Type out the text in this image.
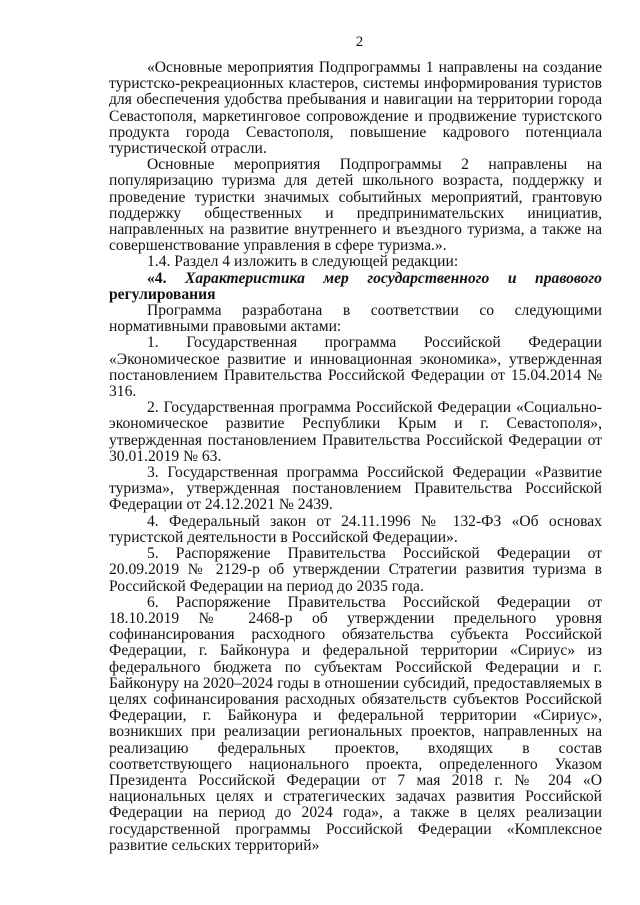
2

«Основные мероприятия Подпрограммы 1 направлены на создание туристско-рекреационных кластеров, системы информирования туристов для обеспечения удобства пребывания и навигации на территории города Севастополя, маркетинговое сопровождение и продвижение туристского продукта города Севастополя, повышение кадрового потенциала туристической отрасли.

Основные мероприятия Подпрограммы 2 направлены на популяризацию туризма для детей школьного возраста, поддержку и проведение туристки значимых событийных мероприятий, грантовую поддержку общественных и предпринимательских инициатив, направленных на развитие внутреннего и въездного туризма, а также на совершенствование управления в сфере туризма.».

1.4. Раздел 4 изложить в следующей редакции:

«4. Характеристика мер государственного и правового регулирования

Программа разработана в соответствии со следующими нормативными правовыми актами:

1. Государственная программа Российской Федерации «Экономическое развитие и инновационная экономика», утвержденная постановлением Правительства Российской Федерации от 15.04.2014 № 316.

2. Государственная программа Российской Федерации «Социально-экономическое развитие Республики Крым и г. Севастополя», утвержденная постановлением Правительства Российской Федерации от 30.01.2019 № 63.

3. Государственная программа Российской Федерации «Развитие туризма», утвержденная постановлением Правительства Российской Федерации от 24.12.2021 № 2439.

4. Федеральный закон от 24.11.1996 № 132-ФЗ «Об основах туристской деятельности в Российской Федерации».

5. Распоряжение Правительства Российской Федерации от 20.09.2019 № 2129-р об утверждении Стратегии развития туризма в Российской Федерации на период до 2035 года.

6. Распоряжение Правительства Российской Федерации от 18.10.2019 № 2468-р об утверждении предельного уровня софинансирования расходного обязательства субъекта Российской Федерации, г. Байконура и федеральной территории «Сириус» из федерального бюджета по субъектам Российской Федерации и г. Байконуру на 2020–2024 годы в отношении субсидий, предоставляемых в целях софинансирования расходных обязательств субъектов Российской Федерации, г. Байконура и федеральной территории «Сириус», возникших при реализации региональных проектов, направленных на реализацию федеральных проектов, входящих в состав соответствующего национального проекта, определенного Указом Президента Российской Федерации от 7 мая 2018 г. № 204 «О национальных целях и стратегических задачах развития Российской Федерации на период до 2024 года», а также в целях реализации государственной программы Российской Федерации «Комплексное развитие сельских территорий»
